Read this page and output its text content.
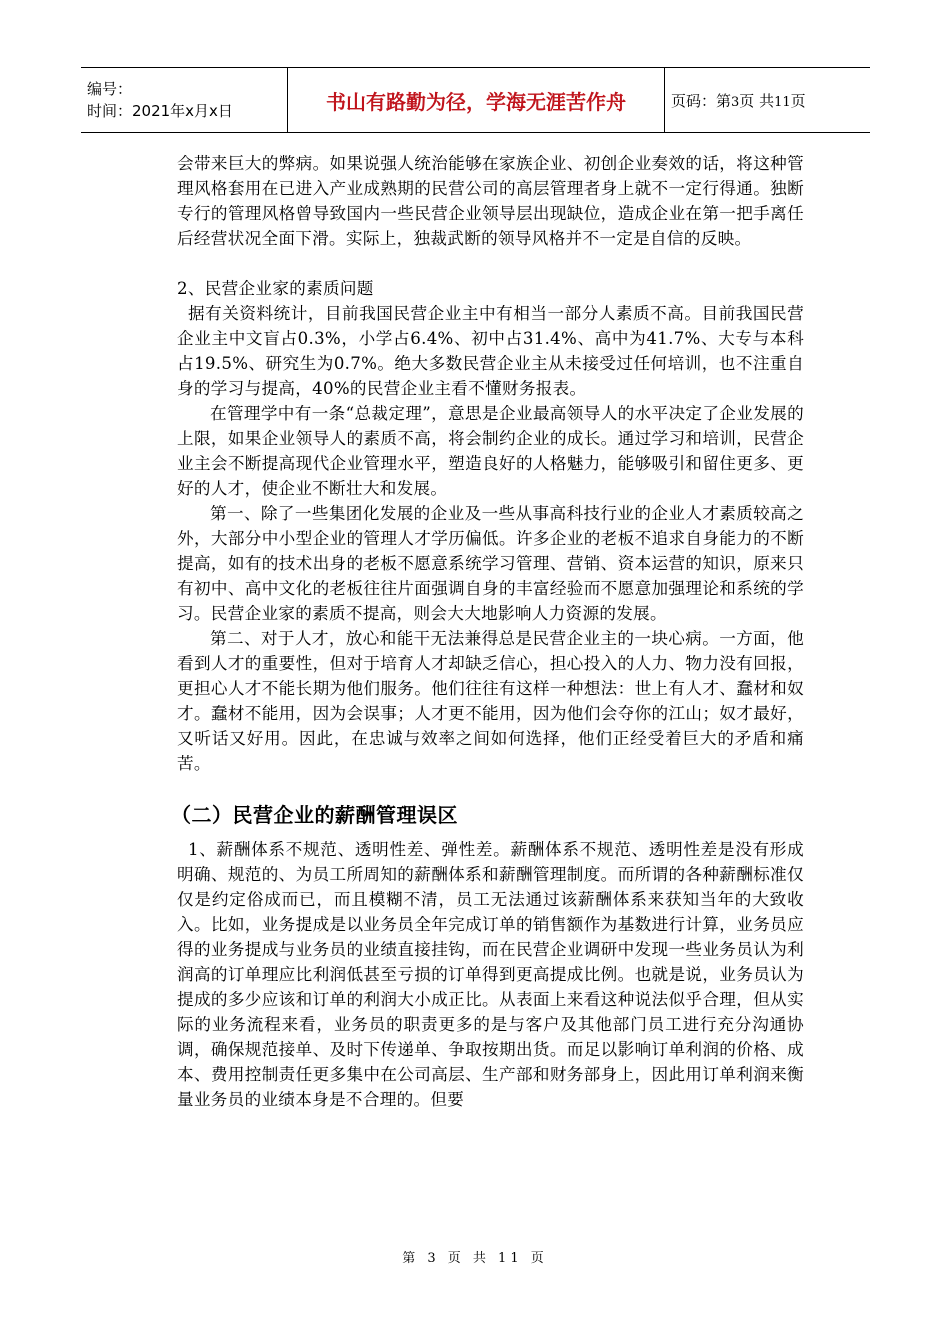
编号：
时间：2021年x月x日	书山有路勤为径，学海无涯苦作舟	页码：第3页 共11页

会带来巨大的弊病。如果说强人统治能够在家族企业、初创企业奏效的话，将这种管理风格套用在已进入产业成熟期的民营公司的高层管理者身上就不一定行得通。独断专行的管理风格曾导致国内一些民营企业领导层出现缺位，造成企业在第一把手离任后经营状况全面下滑。实际上，独裁武断的领导风格并不一定是自信的反映。

2、民营企业家的素质问题

据有关资料统计，目前我国民营企业主中有相当一部分人素质不高。目前我国民营企业主中文盲占0.3%，小学占6.4%、初中占31.4%、高中为41.7%、大专与本科占19.5%、研究生为0.7%。绝大多数民营企业主从未接受过任何培训，也不注重自身的学习与提高，40%的民营企业主看不懂财务报表。

在管理学中有一条“总裁定理”，意思是企业最高领导人的水平决定了企业发展的上限，如果企业领导人的素质不高，将会制约企业的成长。通过学习和培训，民营企业主会不断提高现代企业管理水平，塑造良好的人格魅力，能够吸引和留住更多、更好的人才，使企业不断壮大和发展。

第一、除了一些集团化发展的企业及一些从事高科技行业的企业人才素质较高之外，大部分中小型企业的管理人才学历偏低。许多企业的老板不追求自身能力的不断提高，如有的技术出身的老板不愿意系统学习管理、营销、资本运营的知识，原来只有初中、高中文化的老板往往片面强调自身的丰富经验而不愿意加强理论和系统的学习。民营企业家的素质不提高，则会大大地影响人力资源的发展。

第二、对于人才，放心和能干无法兼得总是民营企业主的一块心病。一方面，他看到人才的重要性，但对于培育人才却缺乏信心，担心投入的人力、物力没有回报，更担心人才不能长期为他们服务。他们往往有这样一种想法：世上有人才、蠢材和奴才。蠢材不能用，因为会误事；人才更不能用，因为他们会夺你的江山；奴才最好，又听话又好用。因此，在忠诚与效率之间如何选择，他们正经受着巨大的矛盾和痛苦。

（二）民营企业的薪酬管理误区

1、薪酬体系不规范、透明性差、弹性差。薪酬体系不规范、透明性差是没有形成明确、规范的、为员工所周知的薪酬体系和薪酬管理制度。而所谓的各种薪酬标准仅仅是约定俗成而已，而且模糊不清，员工无法通过该薪酬体系来获知当年的大致收入。比如，业务提成是以业务员全年完成订单的销售额作为基数进行计算，业务员应得的业务提成与业务员的业绩直接挂钩，而在民营企业调研中发现一些业务员认为利润高的订单理应比利润低甚至亏损的订单得到更高提成比例。也就是说，业务员认为提成的多少应该和订单的利润大小成正比。从表面上来看这种说法似乎合理，但从实际的业务流程来看，业务员的职责更多的是与客户及其他部门员工进行充分沟通协调，确保规范接单、及时下传递单、争取按期出货。而足以影响订单利润的价格、成本、费用控制责任更多集中在公司高层、生产部和财务部身上，因此用订单利润来衡量业务员的业绩本身是不合理的。但要

第 3 页 共 11 页
